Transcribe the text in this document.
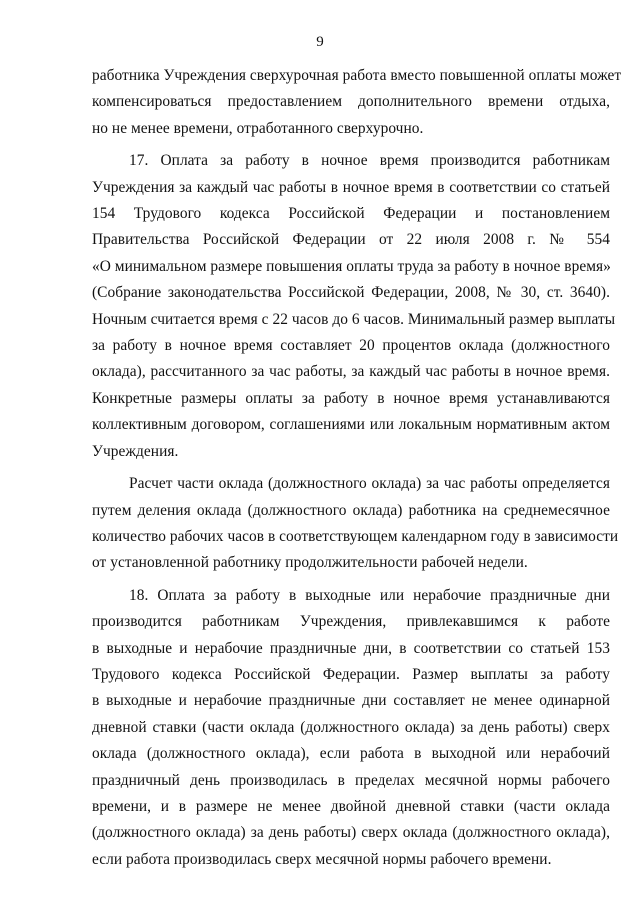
9

работника Учреждения сверхурочная работа вместо повышенной оплаты может
компенсироваться предоставлением дополнительного времени отдыха,
но не менее времени, отработанного сверхурочно.

17. Оплата за работу в ночное время производится работникам
Учреждения за каждый час работы в ночное время в соответствии со статьей
154 Трудового кодекса Российской Федерации и постановлением
Правительства Российской Федерации от 22 июля 2008 г. № 554
«О минимальном размере повышения оплаты труда за работу в ночное время»
(Собрание законодательства Российской Федерации, 2008, № 30, ст. 3640).
Ночным считается время с 22 часов до 6 часов. Минимальный размер выплаты
за работу в ночное время составляет 20 процентов оклада (должностного
оклада), рассчитанного за час работы, за каждый час работы в ночное время.
Конкретные размеры оплаты за работу в ночное время устанавливаются
коллективным договором, соглашениями или локальным нормативным актом
Учреждения.

Расчет части оклада (должностного оклада) за час работы определяется
путем деления оклада (должностного оклада) работника на среднемесячное
количество рабочих часов в соответствующем календарном году в зависимости
от установленной работнику продолжительности рабочей недели.

18. Оплата за работу в выходные или нерабочие праздничные дни
производится работникам Учреждения, привлекавшимся к работе
в выходные и нерабочие праздничные дни, в соответствии со статьей 153
Трудового кодекса Российской Федерации. Размер выплаты за работу
в выходные и нерабочие праздничные дни составляет не менее одинарной
дневной ставки (части оклада (должностного оклада) за день работы) сверх
оклада (должностного оклада), если работа в выходной или нерабочий
праздничный день производилась в пределах месячной нормы рабочего
времени, и в размере не менее двойной дневной ставки (части оклада
(должностного оклада) за день работы) сверх оклада (должностного оклада),
если работа производилась сверх месячной нормы рабочего времени.
